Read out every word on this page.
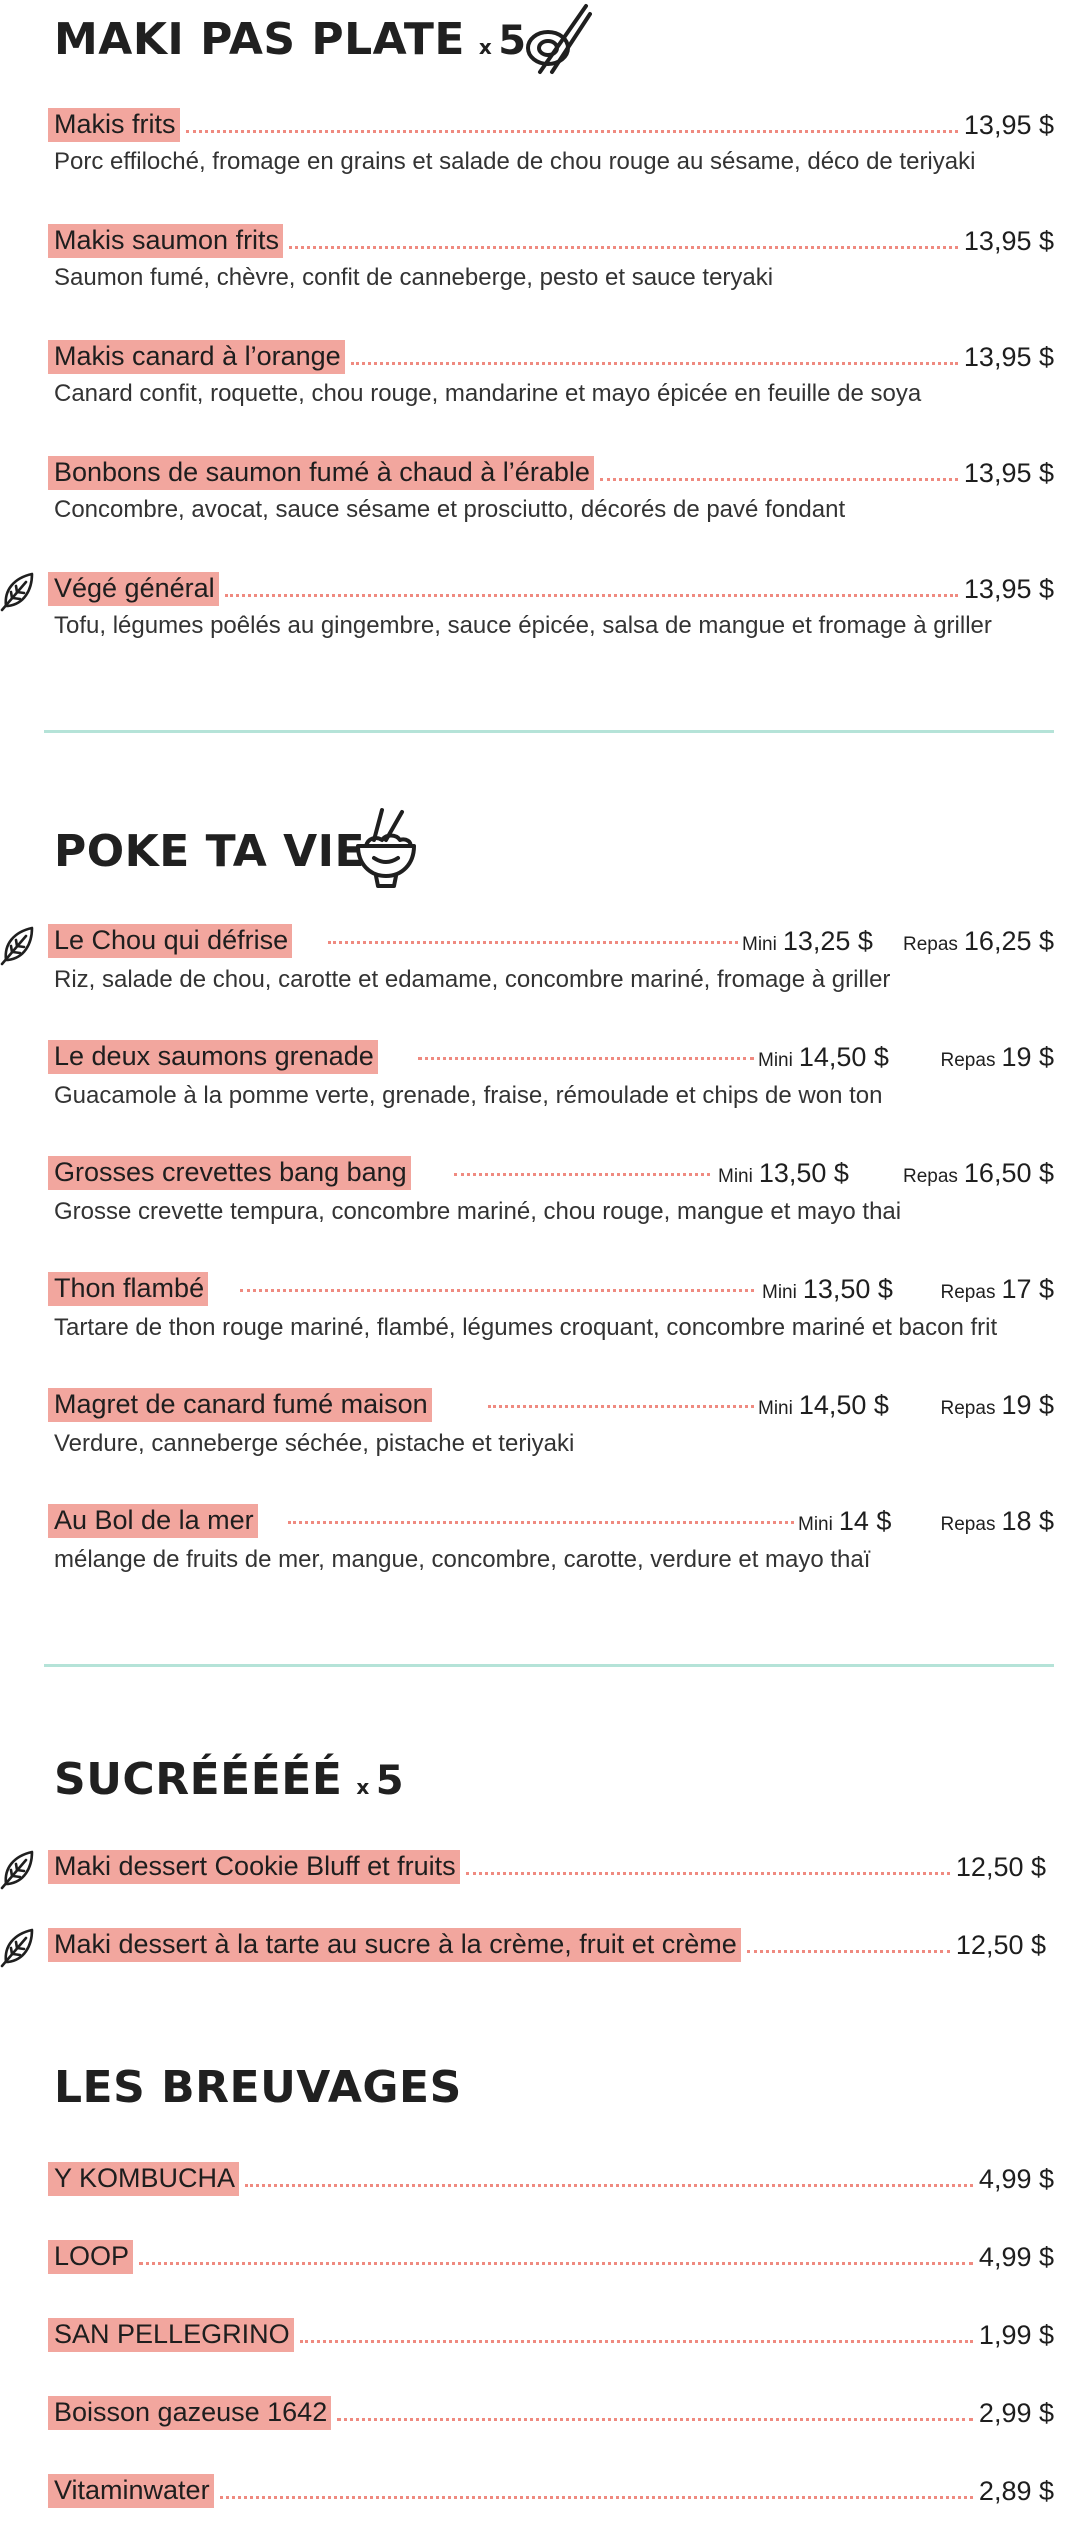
MAKI PAS PLATE x 5
Makis frits	13,95 $
Porc effiloché, fromage en grains et salade de chou rouge au sésame, déco de teriyaki
Makis saumon frits	13,95 $
Saumon fumé, chèvre, confit de canneberge, pesto et sauce teryaki
Makis canard à l’orange	13,95 $
Canard confit, roquette, chou rouge, mandarine et mayo épicée en feuille de soya
Bonbons de saumon fumé à chaud à l’érable	13,95 $
Concombre, avocat, sauce sésame et prosciutto, décorés de pavé fondant
Végé général	13,95 $
Tofu, légumes poêlés au gingembre, sauce épicée, salsa de mangue et fromage à griller
POKE TA VIE
Le Chou qui défrise	Mini 13,25 $ Repas 16,25 $
Riz, salade de chou, carotte et edamame, concombre mariné, fromage à griller
Le deux saumons grenade	Mini 14,50 $	Repas 19 $
Guacamole à la pomme verte, grenade, fraise, rémoulade et chips de won ton
Grosses crevettes bang bang	Mini 13,50 $	Repas 16,50 $
Grosse crevette tempura, concombre mariné, chou rouge, mangue et mayo thai
Thon flambé	Mini 13,50 $	Repas 17 $
Tartare de thon rouge mariné, flambé, légumes croquant, concombre mariné et bacon frit
Magret de canard fumé maison	Mini 14,50 $	Repas 19 $
Verdure, canneberge séchée, pistache et teriyaki
Au Bol de la mer	Mini 14 $	Repas 18 $
mélange de fruits de mer, mangue, concombre, carotte, verdure et mayo thaï
SUCRÉÉÉÉÉ x 5
Maki dessert Cookie Bluff et fruits	12,50 $
Maki dessert à la tarte au sucre à la crème, fruit et crème	12,50 $
LES BREUVAGES
Y KOMBUCHA	4,99 $
LOOP	4,99 $
SAN PELLEGRINO	1,99 $
Boisson gazeuse 1642	2,99 $
Vitaminwater	2,89 $
